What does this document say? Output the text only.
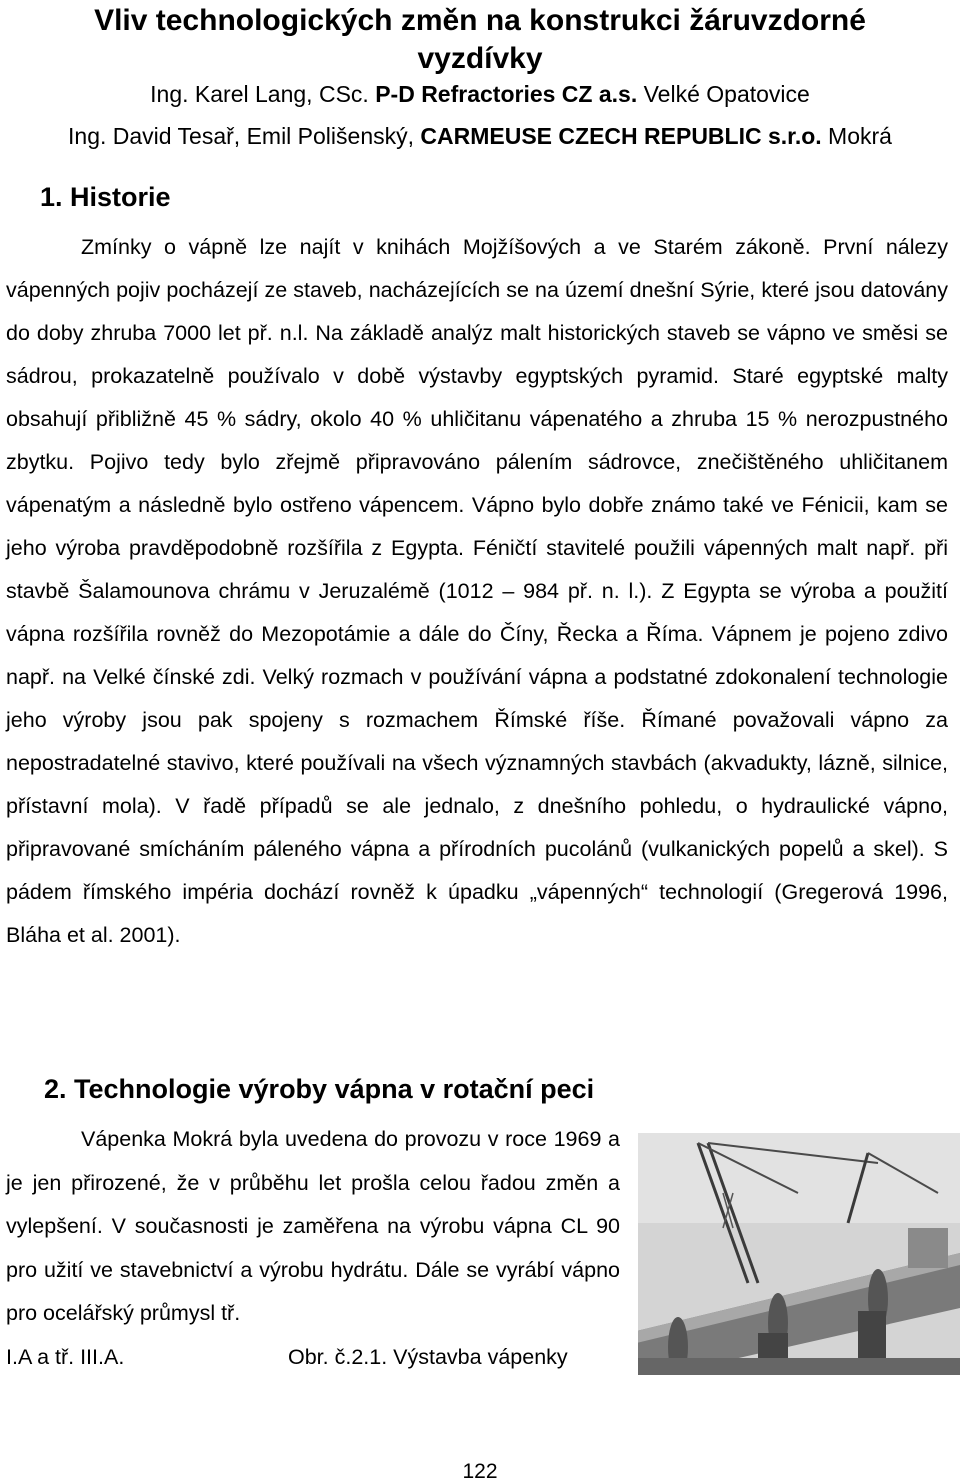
Vliv technologických změn na konstrukci žáruvzdorné
vyzdívky
Ing. Karel Lang, CSc. P-D Refractories CZ a.s. Velké Opatovice
Ing. David Tesař, Emil Polišenský, CARMEUSE CZECH REPUBLIC s.r.o. Mokrá
1. Historie
Zmínky o vápně lze najít v knihách Mojžíšových a ve Starém zákoně. První nálezy vápenných pojiv pocházejí ze staveb, nacházejících se na území dnešní Sýrie, které jsou datovány do doby zhruba 7000 let př. n.l. Na základě analýz malt historických staveb se vápno ve směsi se sádrou, prokazatelně používalo v době výstavby egyptských pyramid. Staré egyptské malty obsahují přibližně 45 % sádry, okolo 40 % uhličitanu vápenatého a zhruba 15 % nerozpustného zbytku. Pojivo tedy bylo zřejmě připravováno pálením sádrovce, znečištěného uhličitanem vápenatým a následně bylo ostřeno vápencem. Vápno bylo dobře známo také ve Fénicii, kam se jeho výroba pravděpodobně rozšířila z Egypta. Féničtí stavitelé použili vápenných malt např. při stavbě Šalamounova chrámu v Jeruzalémě (1012 – 984 př. n. l.). Z Egypta se výroba a použití vápna rozšířila rovněž do Mezopotámie a dále do Číny, Řecka a Říma. Vápnem je pojeno zdivo např. na Velké čínské zdi. Velký rozmach v používání vápna a podstatné zdokonalení technologie jeho výroby jsou pak spojeny s rozmachem Římské říše. Římané považovali vápno za nepostradatelné stavivo, které používali na všech významných stavbách (akvadukty, lázně, silnice, přístavní mola). V řadě případů se ale jednalo, z dnešního pohledu, o hydraulické vápno, připravované smícháním páleného vápna a přírodních pucolánů (vulkanických popelů a skel). S pádem římského impéria dochází rovněž k úpadku „vápenných“ technologií (Gregerová 1996, Bláha et al. 2001).
2. Technologie výroby vápna v rotační peci
Vápenka Mokrá byla uvedena do provozu v roce 1969 a je jen přirozené, že v průběhu let prošla celou řadou změn a vylepšení. V současnosti je zaměřena na výrobu vápna CL 90 pro užití ve stavebnictví a výrobu hydrátu. Dále se vyrábí vápno pro ocelářský průmysl tř.
I.A a tř. III.A.	Obr. č.2.1. Výstavba vápenky
122
